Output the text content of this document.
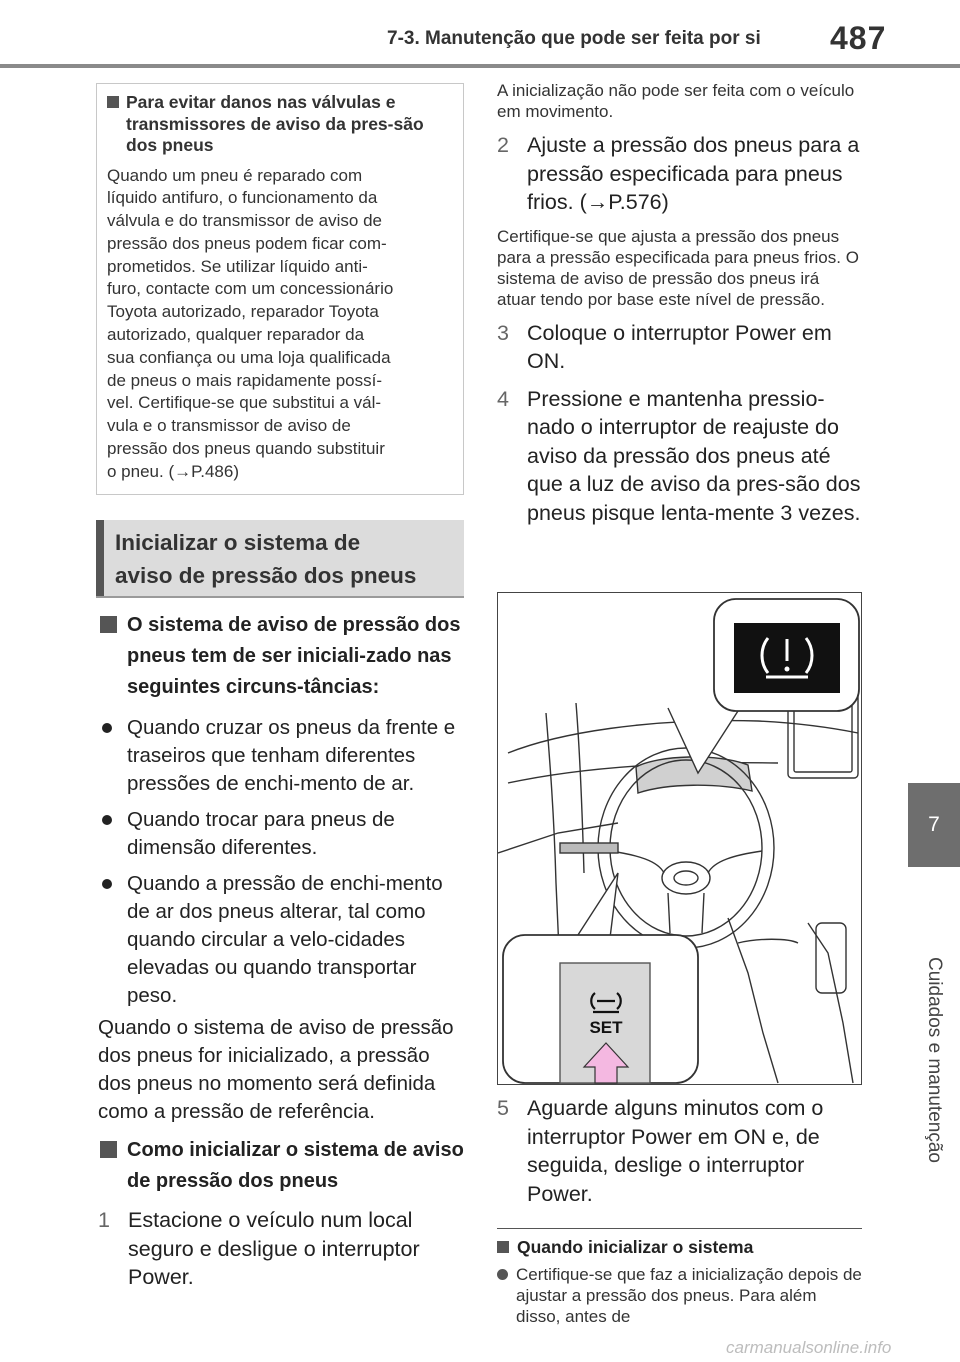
7-3. Manutenção que pode ser feita por si 487
7
Cuidados e manutenção
Para evitar danos nas válvulas e transmissores de aviso da pres-são dos pneus
Quando um pneu é reparado com
líquido antifuro, o funcionamento da
válvula e do transmissor de aviso de
pressão dos pneus podem ficar com-
prometidos. Se utilizar líquido anti-
furo, contacte com um concessionário
Toyota autorizado, reparador Toyota
autorizado, qualquer reparador da
sua confiança ou uma loja qualificada
de pneus o mais rapidamente possí-
vel. Certifique-se que substitui a vál-
vula e o transmissor de aviso de
pressão dos pneus quando substituir
o pneu. (→P.486)
Inicializar o sistema de
aviso de pressão dos pneus
O sistema de aviso de pressão dos pneus tem de ser iniciali-zado nas seguintes circuns-tâncias:
Quando cruzar os pneus da frente e traseiros que tenham diferentes pressões de enchi-mento de ar.
Quando trocar para pneus de dimensão diferentes.
Quando a pressão de enchi-mento de ar dos pneus alterar, tal como quando circular a velo-cidades elevadas ou quando transportar peso.
Quando o sistema de aviso de pressão dos pneus for inicializado, a pressão dos pneus no momento será definida como a pressão de referência.
Como inicializar o sistema de aviso de pressão dos pneus
1 Estacione o veículo num local seguro e desligue o interruptor Power.
A inicialização não pode ser feita com o veículo em movimento.
2 Ajuste a pressão dos pneus para a pressão especificada para pneus frios. (→P.576)
Certifique-se que ajusta a pressão dos pneus para a pressão especificada para pneus frios. O sistema de aviso de pressão dos pneus irá atuar tendo por base este nível de pressão.
3 Coloque o interruptor Power em ON.
4 Pressione e mantenha pressio-nado o interruptor de reajuste do aviso da pressão dos pneus até que a luz de aviso da pres-são dos pneus pisque lenta-mente 3 vezes.
SET
5 Aguarde alguns minutos com o interruptor Power em ON e, de seguida, deslige o interruptor Power.
Quando inicializar o sistema
Certifique-se que faz a inicialização depois de ajustar a pressão dos pneus. Para além disso, antes de
carmanualsonline.info
